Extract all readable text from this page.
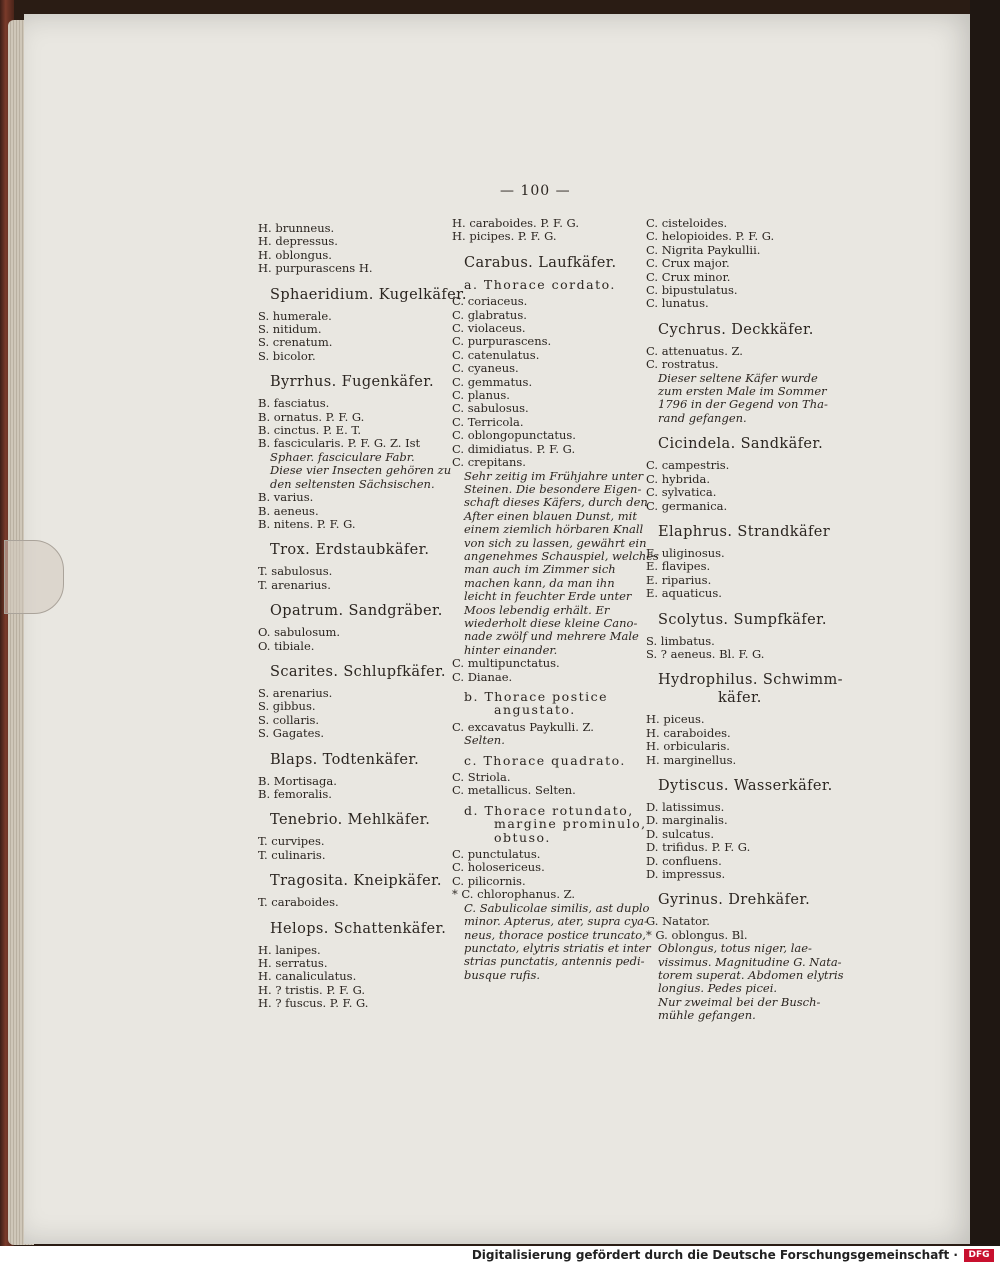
— 100 —
H. brunneus.
H. depressus.
H. oblongus.
H. purpurascens H.
Sphaeridium. Kugelkäfer.
S. humerale.
S. nitidum.
S. crenatum.
S. bicolor.
Byrrhus. Fugenkäfer.
B. fasciatus.
B. ornatus. P. F. G.
B. cinctus. P. E. T.
B. fascicularis. P. F. G. Z. Ist
Sphaer. fasciculare Fabr.
Diese vier Insecten gehören zu
den seltensten Sächsischen.
B. varius.
B. aeneus.
B. nitens. P. F. G.
Trox. Erdstaubkäfer.
T. sabulosus.
T. arenarius.
Opatrum. Sandgräber.
O. sabulosum.
O. tibiale.
Scarites. Schlupfkäfer.
S. arenarius.
S. gibbus.
S. collaris.
S. Gagates.
Blaps. Todtenkäfer.
B. Mortisaga.
B. femoralis.
Tenebrio. Mehlkäfer.
T. curvipes.
T. culinaris.
Tragosita. Kneipkäfer.
T. caraboides.
Helops. Schattenkäfer.
H. lanipes.
H. serratus.
H. canaliculatus.
H. ? tristis. P. F. G.
H. ? fuscus. P. F. G.
H. caraboides. P. F. G.
H. picipes. P. F. G.
Carabus. Laufkäfer.
a. Thorace cordato.
C. coriaceus.
C. glabratus.
C. violaceus.
C. purpurascens.
C. catenulatus.
C. cyaneus.
C. gemmatus.
C. planus.
C. sabulosus.
C. Terricola.
C. oblongopunctatus.
C. dimidiatus. P. F. G.
C. crepitans.
Sehr zeitig im Frühjahre unter
Steinen. Die besondere Eigen-
schaft dieses Käfers, durch den
After einen blauen Dunst, mit
einem ziemlich hörbaren Knall
von sich zu lassen, gewährt ein
angenehmes Schauspiel, welches
man auch im Zimmer sich
machen kann, da man ihn
leicht in feuchter Erde unter
Moos lebendig erhält. Er
wiederholt diese kleine Cano-
nade zwölf und mehrere Male
hinter einander.
C. multipunctatus.
C. Dianae.
b. Thorace postice
angustato.
C. excavatus Paykulli. Z.
Selten.
c. Thorace quadrato.
C. Striola.
C. metallicus. Selten.
d. Thorace rotundato,
margine prominulo,
obtuso.
C. punctulatus.
C. holosericeus.
C. pilicornis.
* C. chlorophanus. Z.
C. Sabulicolae similis, ast duplo
minor. Apterus, ater, supra cya-
neus, thorace postice truncato,
punctato, elytris striatis et inter
strias punctatis, antennis pedi-
busque rufis.
C. cisteloides.
C. helopioides. P. F. G.
C. Nigrita Paykullii.
C. Crux major.
C. Crux minor.
C. bipustulatus.
C. lunatus.
Cychrus. Deckkäfer.
C. attenuatus. Z.
C. rostratus.
Dieser seltene Käfer wurde
zum ersten Male im Sommer
1796 in der Gegend von Tha-
rand gefangen.
Cicindela. Sandkäfer.
C. campestris.
C. hybrida.
C. sylvatica.
C. germanica.
Elaphrus. Strandkäfer
E. uliginosus.
E. flavipes.
E. riparius.
E. aquaticus.
Scolytus. Sumpfkäfer.
S. limbatus.
S. ? aeneus. Bl. F. G.
Hydrophilus. Schwimm-
käfer.
H. piceus.
H. caraboides.
H. orbicularis.
H. marginellus.
Dytiscus. Wasserkäfer.
D. latissimus.
D. marginalis.
D. sulcatus.
D. trifidus. P. F. G.
D. confluens.
D. impressus.
Gyrinus. Drehkäfer.
G. Natator.
* G. oblongus. Bl.
Oblongus, totus niger, lae-
vissimus. Magnitudine G. Nata-
torem superat. Abdomen elytris
longius. Pedes picei.
Nur zweimal bei der Busch-
mühle gefangen.
Digitalisierung gefördert durch die Deutsche Forschungsgemeinschaft ·	DFG
